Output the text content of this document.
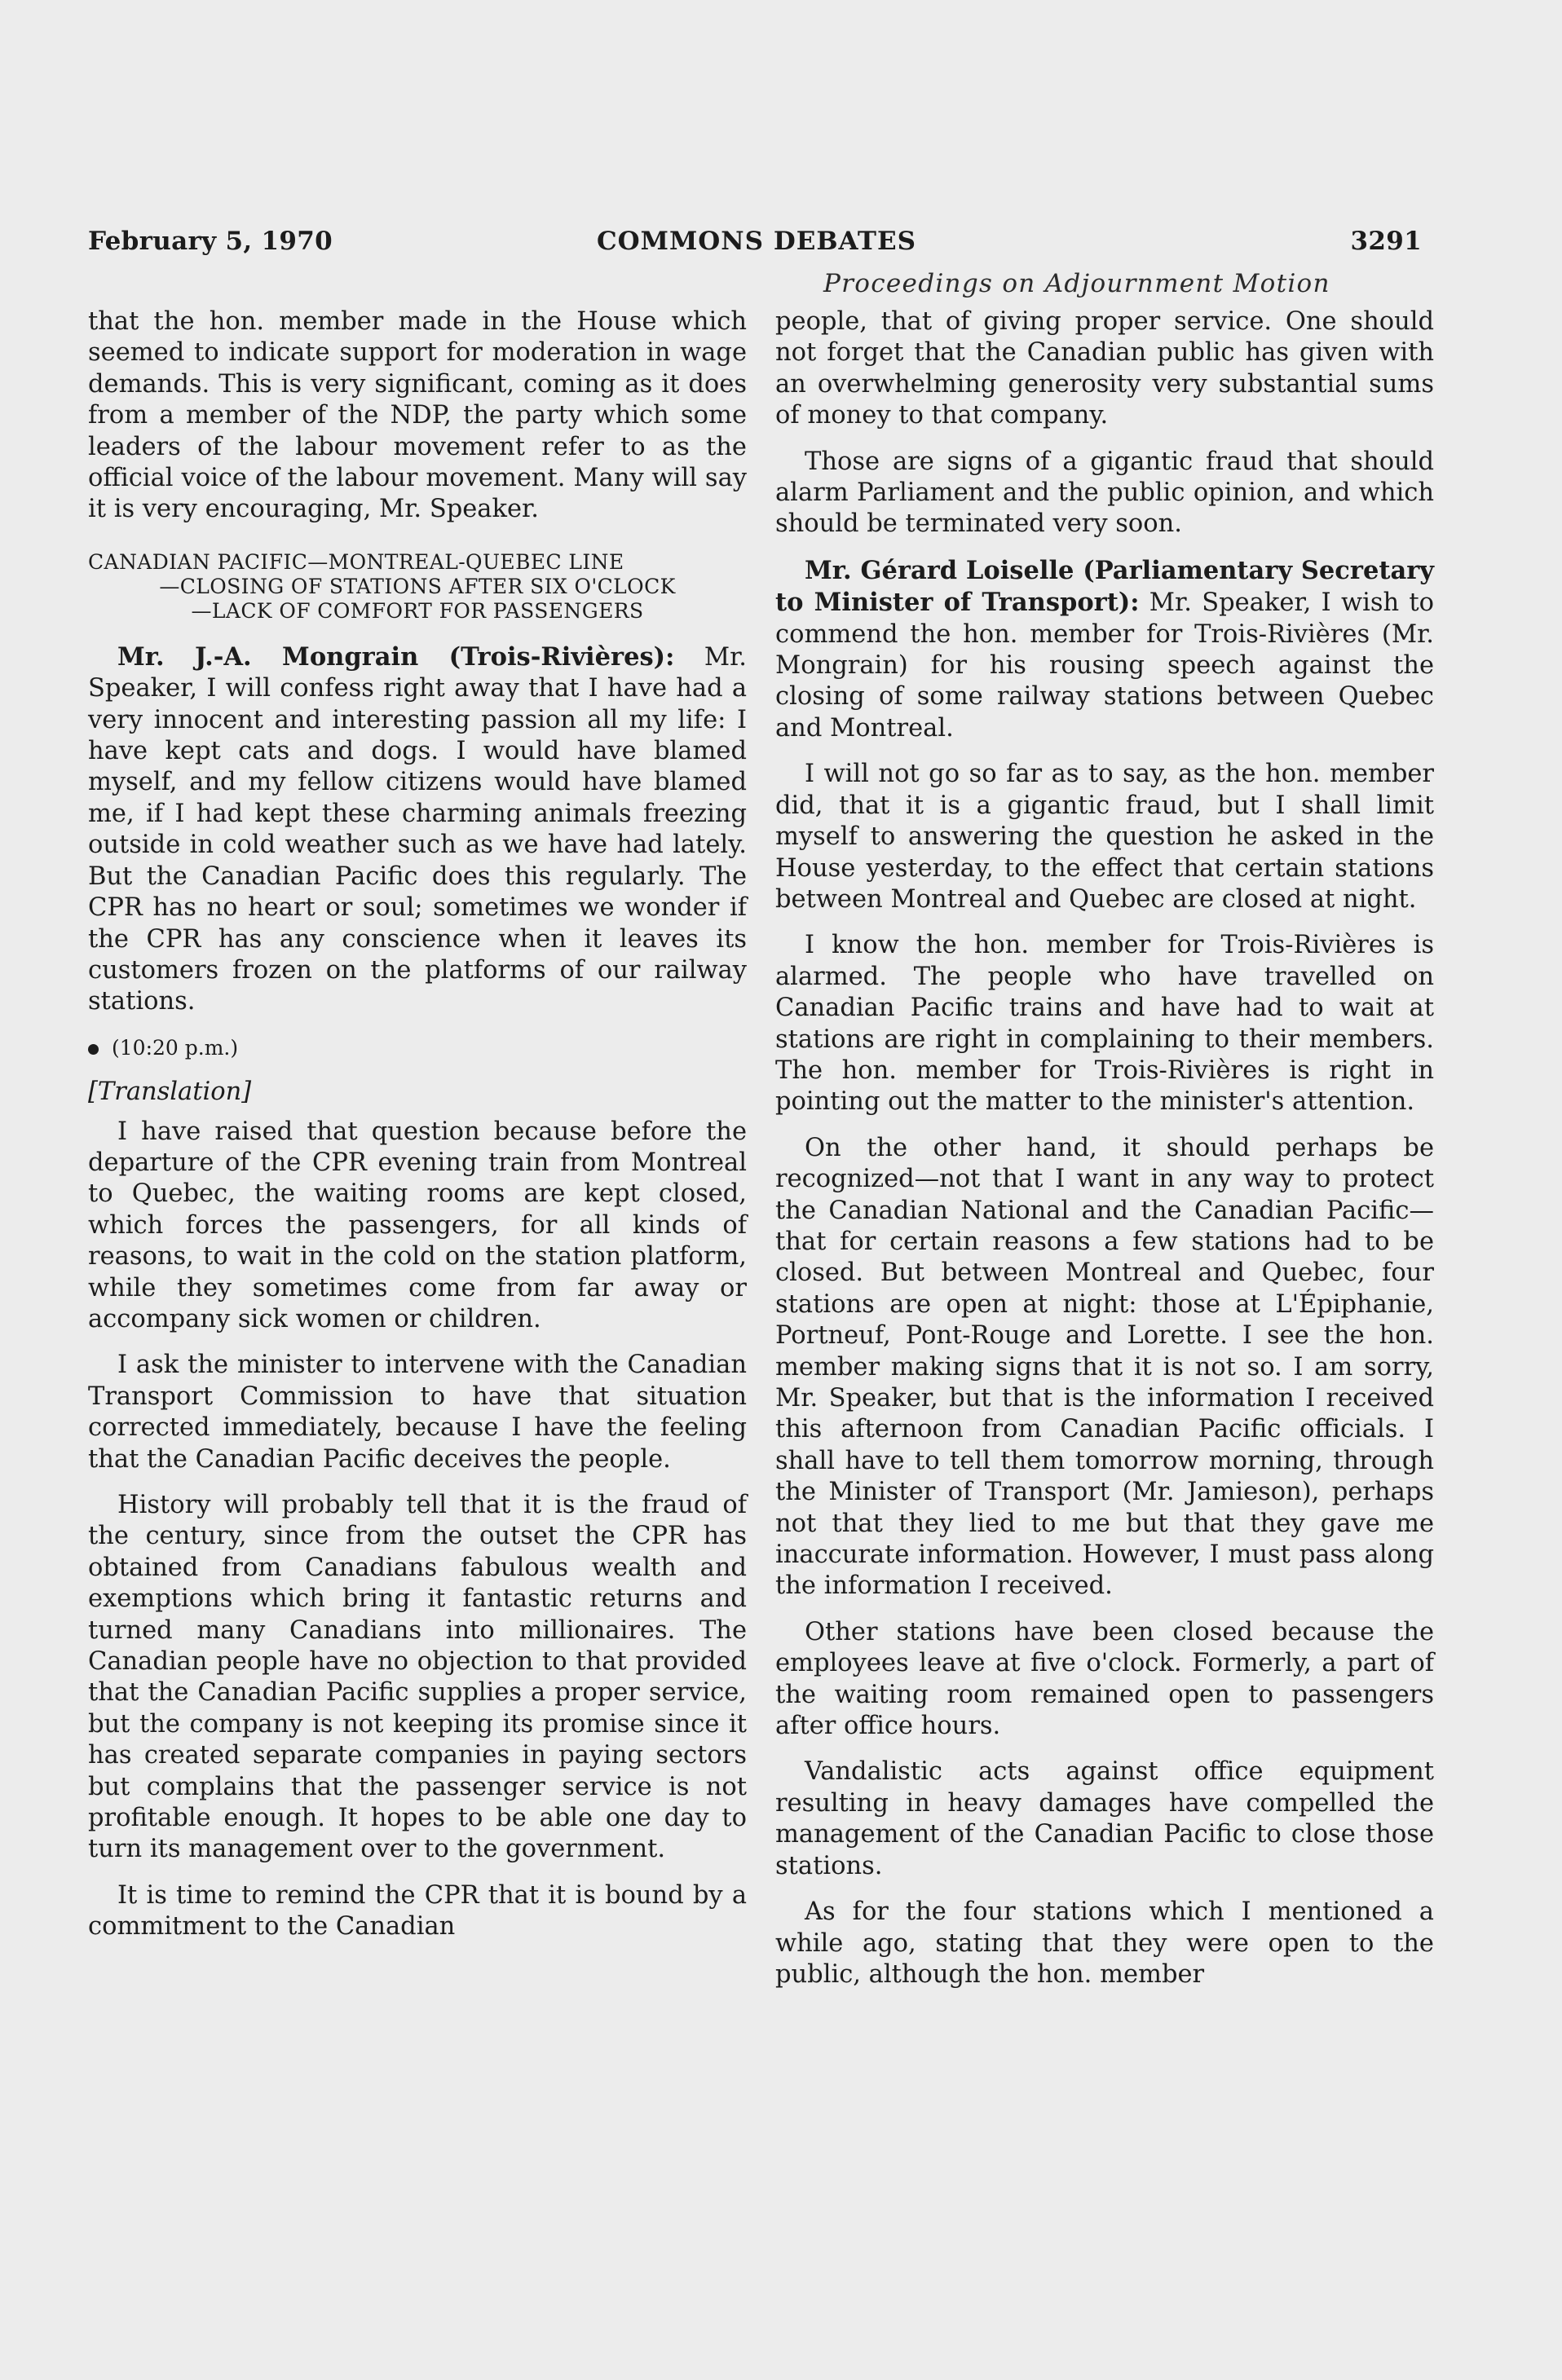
February 5, 1970	COMMONS DEBATES	3291
Proceedings on Adjournment Motion

that the hon. member made in the House which seemed to indicate support for moderation in wage demands. This is very significant, coming as it does from a member of the NDP, the party which some leaders of the labour movement refer to as the official voice of the labour movement. Many will say it is very encouraging, Mr. Speaker.

CANADIAN PACIFIC—MONTREAL-QUEBEC LINE
—CLOSING OF STATIONS AFTER SIX O'CLOCK
—LACK OF COMFORT FOR PASSENGERS

Mr. J.-A. Mongrain (Trois-Rivières): Mr. Speaker, I will confess right away that I have had a very innocent and interesting passion all my life: I have kept cats and dogs. I would have blamed myself, and my fellow citizens would have blamed me, if I had kept these charming animals freezing outside in cold weather such as we have had lately. But the Canadian Pacific does this regularly. The CPR has no heart or soul; sometimes we wonder if the CPR has any conscience when it leaves its customers frozen on the platforms of our railway stations.

(10:20 p.m.)
[Translation]

I have raised that question because before the departure of the CPR evening train from Montreal to Quebec, the waiting rooms are kept closed, which forces the passengers, for all kinds of reasons, to wait in the cold on the station platform, while they sometimes come from far away or accompany sick women or children.

I ask the minister to intervene with the Canadian Transport Commission to have that situation corrected immediately, because I have the feeling that the Canadian Pacific deceives the people.

History will probably tell that it is the fraud of the century, since from the outset the CPR has obtained from Canadians fabulous wealth and exemptions which bring it fantastic returns and turned many Canadians into millionaires. The Canadian people have no objection to that provided that the Canadian Pacific supplies a proper service, but the company is not keeping its promise since it has created separate companies in paying sectors but complains that the passenger service is not profitable enough. It hopes to be able one day to turn its management over to the government.

It is time to remind the CPR that it is bound by a commitment to the Canadian

people, that of giving proper service. One should not forget that the Canadian public has given with an overwhelming generosity very substantial sums of money to that company.

Those are signs of a gigantic fraud that should alarm Parliament and the public opinion, and which should be terminated very soon.

Mr. Gérard Loiselle (Parliamentary Secretary to Minister of Transport): Mr. Speaker, I wish to commend the hon. member for Trois-Rivières (Mr. Mongrain) for his rousing speech against the closing of some railway stations between Quebec and Montreal.

I will not go so far as to say, as the hon. member did, that it is a gigantic fraud, but I shall limit myself to answering the question he asked in the House yesterday, to the effect that certain stations between Montreal and Quebec are closed at night.

I know the hon. member for Trois-Rivières is alarmed. The people who have travelled on Canadian Pacific trains and have had to wait at stations are right in complaining to their members. The hon. member for Trois-Rivières is right in pointing out the matter to the minister's attention.

On the other hand, it should perhaps be recognized—not that I want in any way to protect the Canadian National and the Canadian Pacific—that for certain reasons a few stations had to be closed. But between Montreal and Quebec, four stations are open at night: those at L'Épiphanie, Portneuf, Pont-Rouge and Lorette. I see the hon. member making signs that it is not so. I am sorry, Mr. Speaker, but that is the information I received this afternoon from Canadian Pacific officials. I shall have to tell them tomorrow morning, through the Minister of Transport (Mr. Jamieson), perhaps not that they lied to me but that they gave me inaccurate information. However, I must pass along the information I received.

Other stations have been closed because the employees leave at five o'clock. Formerly, a part of the waiting room remained open to passengers after office hours.

Vandalistic acts against office equipment resulting in heavy damages have compelled the management of the Canadian Pacific to close those stations.

As for the four stations which I mentioned a while ago, stating that they were open to the public, although the hon. member
